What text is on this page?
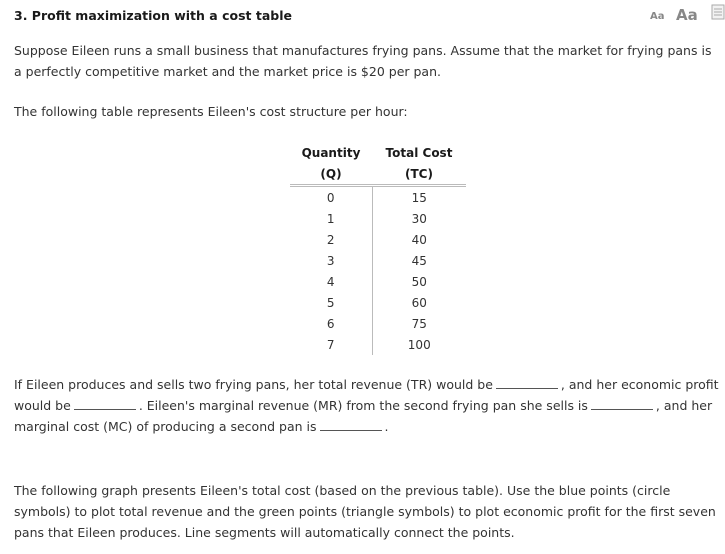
3. Profit maximization with a cost table	Aa Aa

Suppose Eileen runs a small business that manufactures frying pans. Assume that the market for frying pans is a perfectly competitive market and the market price is $20 per pan.

The following table represents Eileen's cost structure per hour:

Quantity	Total Cost
(Q)	(TC)
0	15
1	30
2	40
3	45
4	50
5	60
6	75
7	100

If Eileen produces and sells two frying pans, her total revenue (TR) would be	, and her economic profit would be	. Eileen's marginal revenue (MR) from the second frying pan she sells is	, and her marginal cost (MC) of producing a second pan is	.

The following graph presents Eileen's total cost (based on the previous table). Use the blue points (circle symbols) to plot total revenue and the green points (triangle symbols) to plot economic profit for the first seven pans that Eileen produces. Line segments will automatically connect the points.
